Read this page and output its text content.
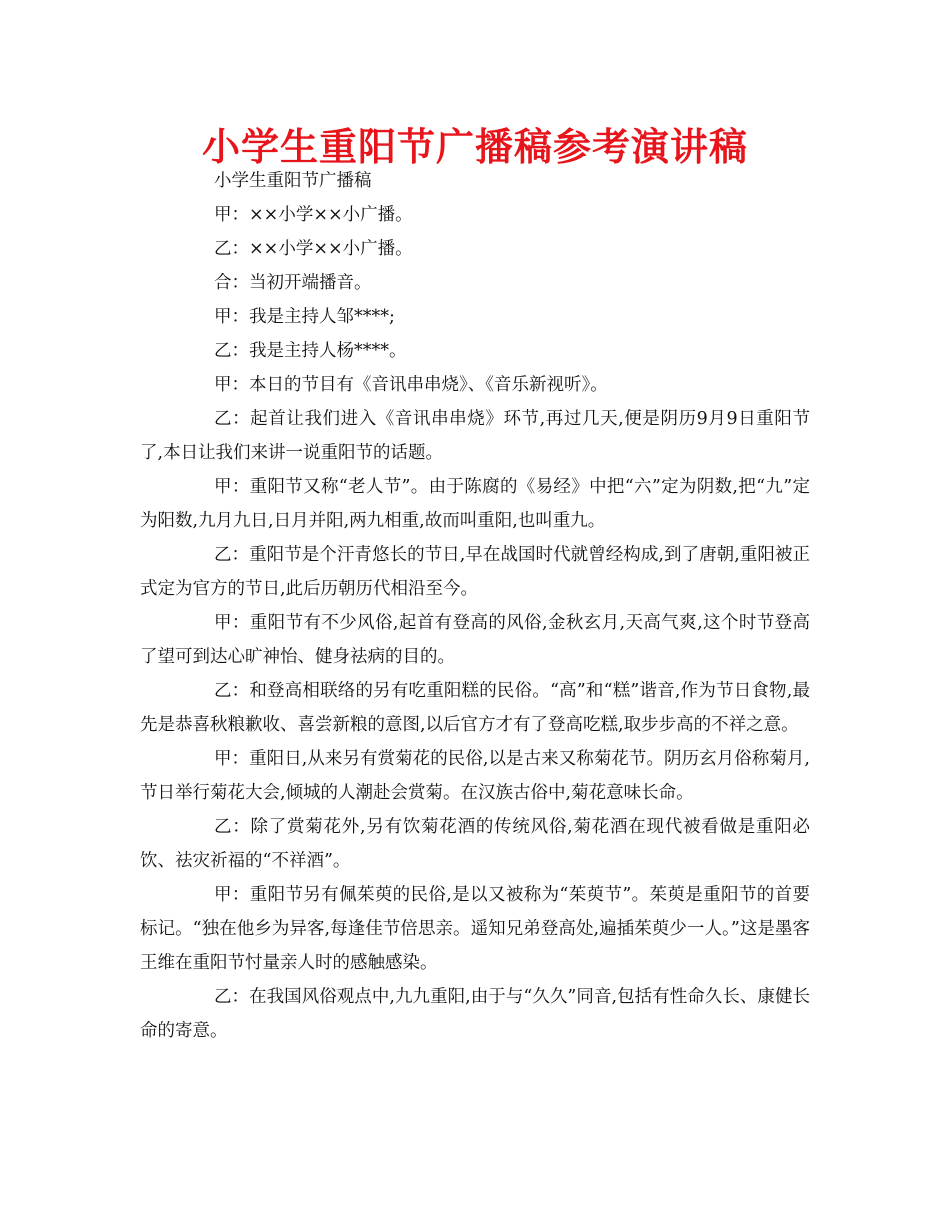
小学生重阳节广播稿参考演讲稿

小学生重阳节广播稿

甲：××小学××小广播。

乙：××小学××小广播。

合：当初开端播音。

甲：我是主持人邹****;

乙：我是主持人杨****。

甲：本日的节目有《音讯串串烧》、《音乐新视听》。

乙：起首让我们进入《音讯串串烧》环节,再过几天,便是阴历9月9日重阳节了,本日让我们来讲一说重阳节的话题。

甲：重阳节又称“老人节”。由于陈腐的《易经》中把“六”定为阴数,把“九”定为阳数,九月九日,日月并阳,两九相重,故而叫重阳,也叫重九。

乙：重阳节是个汗青悠长的节日,早在战国时代就曾经构成,到了唐朝,重阳被正式定为官方的节日,此后历朝历代相沿至今。

甲：重阳节有不少风俗,起首有登高的风俗,金秋玄月,天高气爽,这个时节登高了望可到达心旷神怡、健身祛病的目的。

乙：和登高相联络的另有吃重阳糕的民俗。“高”和“糕”谐音,作为节日食物,最先是恭喜秋粮歉收、喜尝新粮的意图,以后官方才有了登高吃糕,取步步高的不祥之意。

甲：重阳日,从来另有赏菊花的民俗,以是古来又称菊花节。阴历玄月俗称菊月,节日举行菊花大会,倾城的人潮赴会赏菊。在汉族古俗中,菊花意味长命。

乙：除了赏菊花外,另有饮菊花酒的传统风俗,菊花酒在现代被看做是重阳必饮、祛灾祈福的“不祥酒”。

甲：重阳节另有佩茱萸的民俗,是以又被称为“茱萸节”。茱萸是重阳节的首要标记。“独在他乡为异客,每逢佳节倍思亲。遥知兄弟登高处,遍插茱萸少一人。”这是墨客王维在重阳节忖量亲人时的感触感染。

乙：在我国风俗观点中,九九重阳,由于与“久久”同音,包括有性命久长、康健长命的寄意。
